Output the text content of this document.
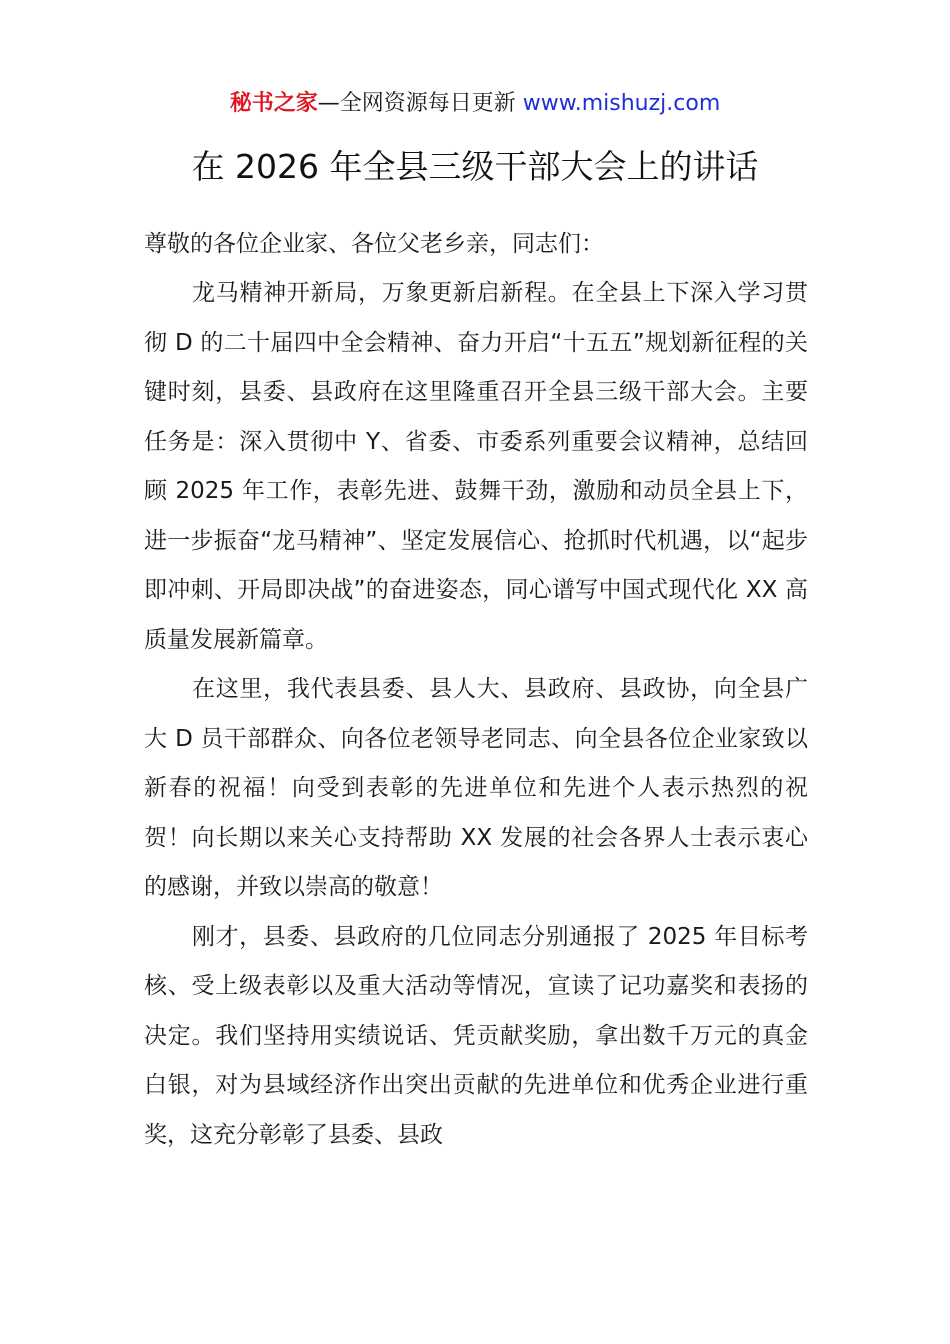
秘书之家—全网资源每日更新 www.mishuzj.com
在 2026 年全县三级干部大会上的讲话
尊敬的各位企业家、各位父老乡亲，同志们：

龙马精神开新局，万象更新启新程。在全县上下深入学习贯彻 D 的二十届四中全会精神、奋力开启“十五五”规划新征程的关键时刻，县委、县政府在这里隆重召开全县三级干部大会。主要任务是：深入贯彻中 Y、省委、市委系列重要会议精神，总结回顾 2025 年工作，表彰先进、鼓舞干劲，激励和动员全县上下，进一步振奋“龙马精神”、坚定发展信心、抢抓时代机遇，以“起步即冲刺、开局即决战”的奋进姿态，同心谱写中国式现代化 XX 高质量发展新篇章。

在这里，我代表县委、县人大、县政府、县政协，向全县广大 D 员干部群众、向各位老领导老同志、向全县各位企业家致以新春的祝福！向受到表彰的先进单位和先进个人表示热烈的祝贺！向长期以来关心支持帮助 XX 发展的社会各界人士表示衷心的感谢，并致以崇高的敬意！

刚才，县委、县政府的几位同志分别通报了 2025 年目标考核、受上级表彰以及重大活动等情况，宣读了记功嘉奖和表扬的决定。我们坚持用实绩说话、凭贡献奖励，拿出数千万元的真金白银，对为县域经济作出突出贡献的先进单位和优秀企业进行重奖，这充分彰彰了县委、县政
